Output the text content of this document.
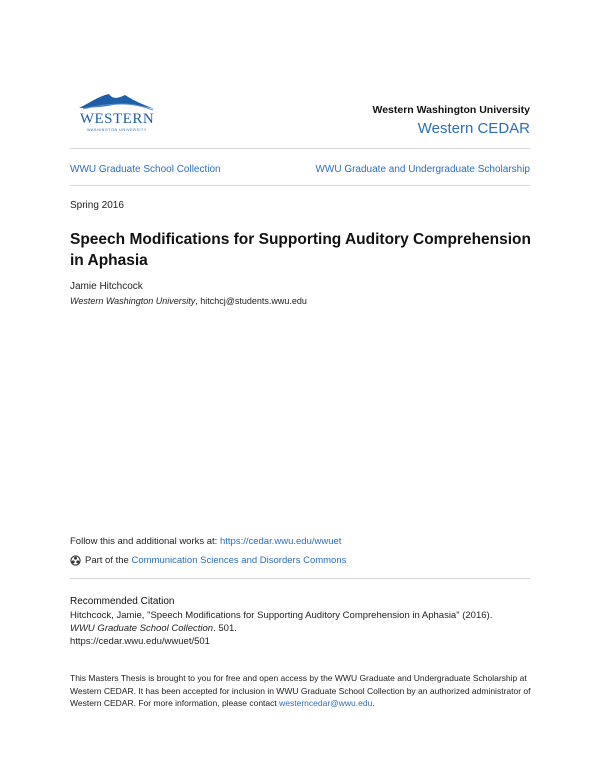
WESTERN
WASHINGTON UNIVERSITY
Western Washington University
Western CEDAR
WWU Graduate School Collection	WWU Graduate and Undergraduate Scholarship
Spring 2016
Speech Modifications for Supporting Auditory Comprehension in Aphasia
Jamie Hitchcock
Western Washington University, hitchcj@students.wwu.edu
Follow this and additional works at: https://cedar.wwu.edu/wwuet
Part of the
Communication Sciences and Disorders Commons
Recommended Citation
Hitchcock, Jamie, "Speech Modifications for Supporting Auditory Comprehension in Aphasia" (2016).
WWU Graduate School Collection. 501.
https://cedar.wwu.edu/wwuet/501
This Masters Thesis is brought to you for free and open access by the WWU Graduate and Undergraduate Scholarship at Western CEDAR. It has been accepted for inclusion in WWU Graduate School Collection by an authorized administrator of Western CEDAR. For more information, please contact westerncedar@wwu.edu.
